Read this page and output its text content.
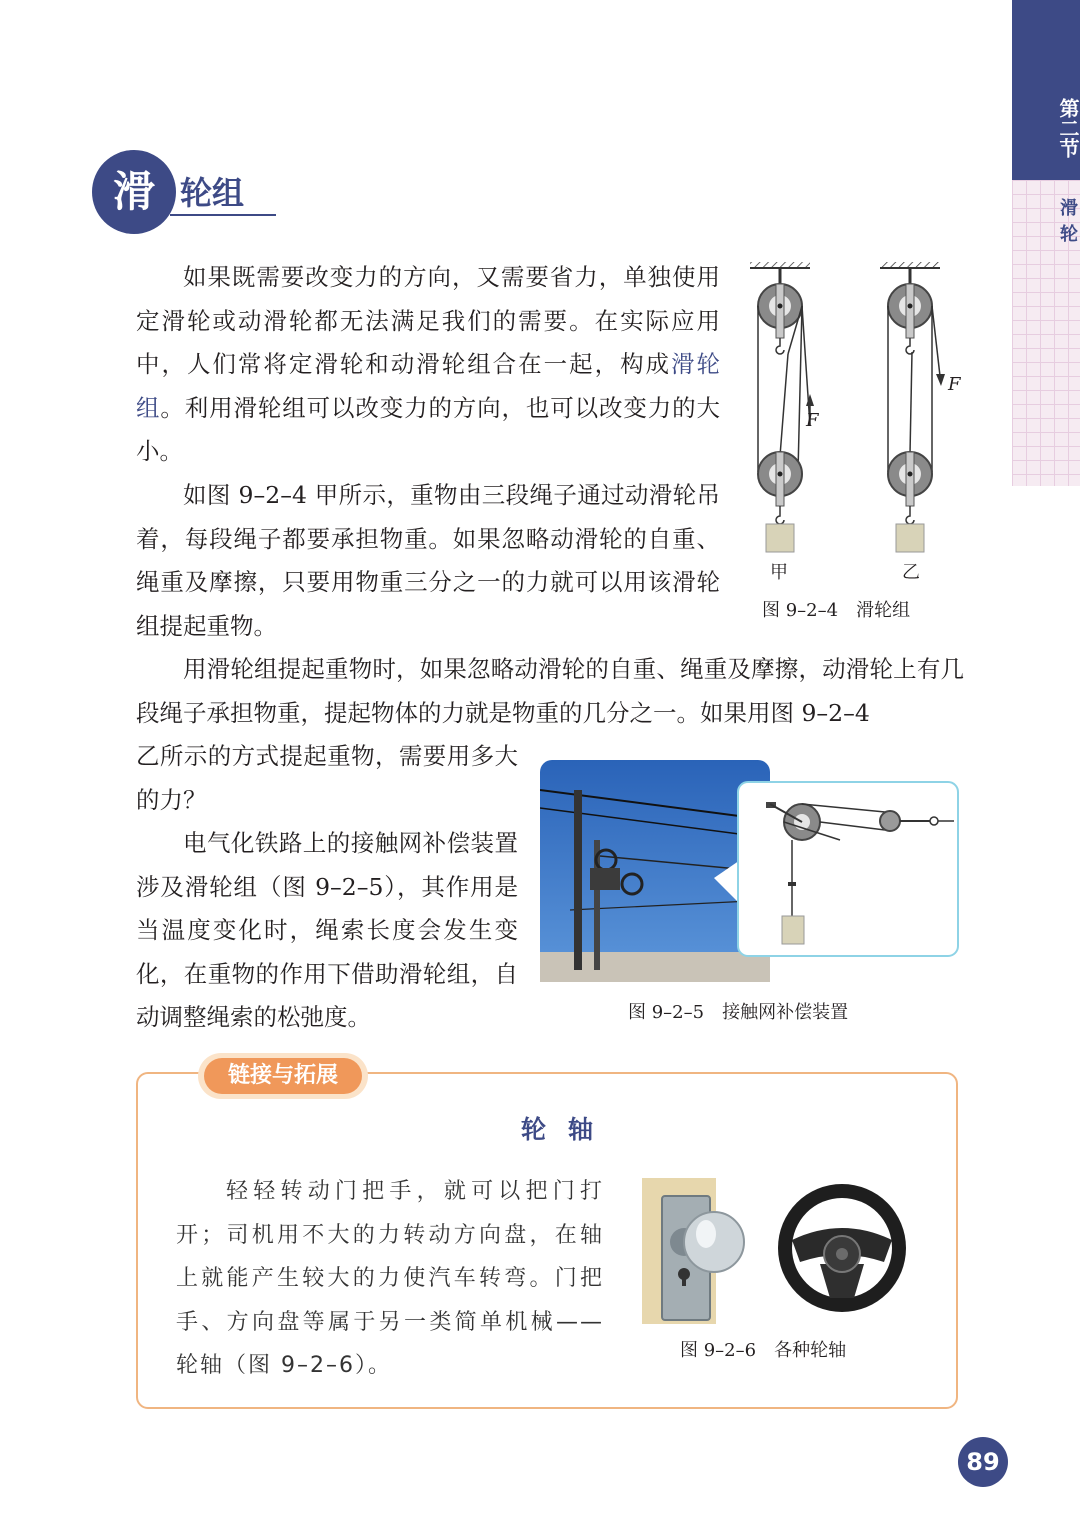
第二节
滑轮
滑 轮组

如果既需要改变力的方向，又需要省力，单独使用定滑轮或动滑轮都无法满足我们的需要。在实际应用中，人们常将定滑轮和动滑轮组合在一起，构成滑轮组。利用滑轮组可以改变力的方向，也可以改变力的大小。

如图 9–2–4 甲所示，重物由三段绳子通过动滑轮吊着，每段绳子都要承担物重。如果忽略动滑轮的自重、绳重及摩擦，只要用物重三分之一的力就可以用该滑轮组提起重物。

用滑轮组提起重物时，如果忽略动滑轮的自重、绳重及摩擦，动滑轮上有几段绳子承担物重，提起物体的力就是物重的几分之一。如果用图 9–2–4

乙所示的方式提起重物，需要用多大的力？

电气化铁路上的接触网补偿装置涉及滑轮组（图 9–2–5），其作用是当温度变化时，绳索长度会发生变化，在重物的作用下借助滑轮组，自动调整绳索的松弛度。

F
F
甲	乙
图 9–2–4　滑轮组
图 9–2–5　接触网补偿装置
链接与拓展
轮轴

轻轻转动门把手，就可以把门打开；司机用不大的力转动方向盘，在轴上就能产生较大的力使汽车转弯。门把手、方向盘等属于另一类简单机械——轮轴（图 9–2–6）。

图 9–2–6　各种轮轴
89
